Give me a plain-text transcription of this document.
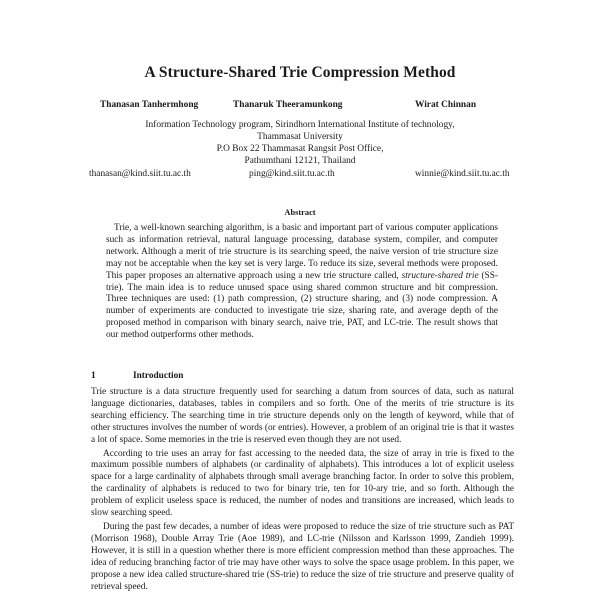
A Structure-Shared Trie Compression Method
Thanasan Tanhermhong	Thanaruk Theeramunkong	Wirat Chinnan
Information Technology program, Sirindhorn International Institute of technology,
Thammasat University
P.O Box 22 Thammasat Rangsit Post Office,
Pathumthani 12121, Thailand
thanasan@kind.siit.tu.ac.th	ping@kind.siit.tu.ac.th	winnie@kind.siit.tu.ac.th
Abstract

Trie, a well-known searching algorithm, is a basic and important part of various computer applications such as information retrieval, natural language processing, database system, compiler, and computer network. Although a merit of trie structure is its searching speed, the naive version of trie structure size may not be acceptable when the key set is very large. To reduce its size, several methods were proposed. This paper proposes an alternative approach using a new trie structure called, structure-shared trie (SS-trie). The main idea is to reduce unused space using shared common structure and bit compression. Three techniques are used: (1) path compression, (2) structure sharing, and (3) node compression. A number of experiments are conducted to investigate trie size, sharing rate, and average depth of the proposed method in comparison with binary search, naive trie, PAT, and LC-trie. The result shows that our method outperforms other methods.

1	Introduction

Trie structure is a data structure frequently used for searching a datum from sources of data, such as natural language dictionaries, databases, tables in compilers and so forth. One of the merits of trie structure is its searching efficiency. The searching time in trie structure depends only on the length of keyword, while that of other structures involves the number of words (or entries). However, a problem of an original trie is that it wastes a lot of space. Some memories in the trie is reserved even though they are not used.

According to trie uses an array for fast accessing to the needed data, the size of array in trie is fixed to the maximum possible numbers of alphabets (or cardinality of alphabets). This introduces a lot of explicit useless space for a large cardinality of alphabets through small average branching factor. In order to solve this problem, the cardinality of alphabets is reduced to two for binary trie, ten for 10-ary trie, and so forth. Although the problem of explicit useless space is reduced, the number of nodes and transitions are increased, which leads to slow searching speed.

During the past few decades, a number of ideas were proposed to reduce the size of trie structure such as PAT (Morrison 1968), Double Array Trie (Aoe 1989), and LC-trie (Nilsson and Karlsson 1999, Zandieh 1999). However, it is still in a question whether there is more efficient compression method than these approaches. The idea of reducing branching factor of trie may have other ways to solve the space usage problem. In this paper, we propose a new idea called structure-shared trie (SS-trie) to reduce the size of trie structure and preserve quality of retrieval speed.
